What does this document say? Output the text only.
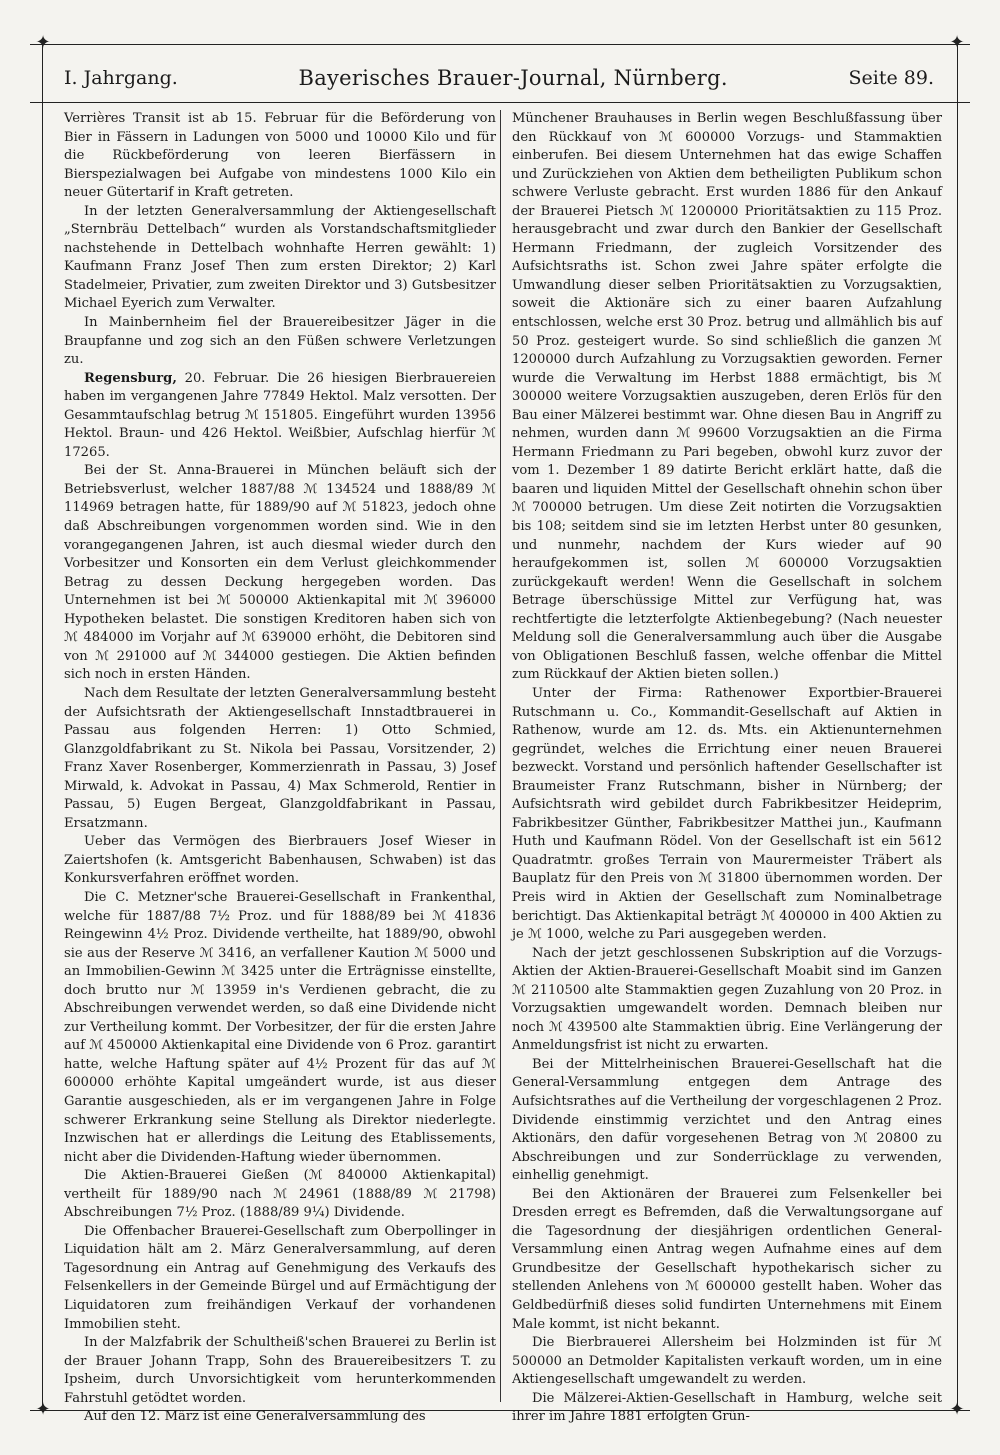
✦	✦
✦	✦
I. Jahrgang.	Bayerisches Brauer-Journal, Nürnberg.	Seite 89.

Verrières Transit ist ab 15. Februar für die Beförderung von Bier in Fässern in Ladungen von 5000 und 10000 Kilo und für die Rückbeförderung von leeren Bierfässern in Bierspezialwagen bei Aufgabe von mindestens 1000 Kilo ein neuer Gütertarif in Kraft getreten.

In der letzten Generalversammlung der Aktiengesellschaft „Sternbräu Dettelbach“ wurden als Vorstandschaftsmitglieder nachstehende in Dettelbach wohnhafte Herren gewählt: 1) Kaufmann Franz Josef Then zum ersten Direktor; 2) Karl Stadelmeier, Privatier, zum zweiten Direktor und 3) Gutsbesitzer Michael Eyerich zum Verwalter.

In Mainbernheim fiel der Brauereibesitzer Jäger in die Braupfanne und zog sich an den Füßen schwere Verletzungen zu.

Regensburg, 20. Februar. Die 26 hiesigen Bierbrauereien haben im vergangenen Jahre 77849 Hektol. Malz versotten. Der Gesammtaufschlag betrug ℳ 151805. Eingeführt wurden 13956 Hektol. Braun- und 426 Hektol. Weißbier, Aufschlag hierfür ℳ 17265.

Bei der St. Anna-Brauerei in München beläuft sich der Betriebsverlust, welcher 1887/88 ℳ 134524 und 1888/89 ℳ 114969 betragen hatte, für 1889/90 auf ℳ 51823, jedoch ohne daß Abschreibungen vorgenommen worden sind. Wie in den vorangegangenen Jahren, ist auch diesmal wieder durch den Vorbesitzer und Konsorten ein dem Verlust gleichkommender Betrag zu dessen Deckung hergegeben worden. Das Unternehmen ist bei ℳ 500000 Aktienkapital mit ℳ 396000 Hypotheken belastet. Die sonstigen Kreditoren haben sich von ℳ 484000 im Vorjahr auf ℳ 639000 erhöht, die Debitoren sind von ℳ 291000 auf ℳ 344000 gestiegen. Die Aktien befinden sich noch in ersten Händen.

Nach dem Resultate der letzten Generalversammlung besteht der Aufsichtsrath der Aktiengesellschaft Innstadtbrauerei in Passau aus folgenden Herren: 1) Otto Schmied, Glanzgoldfabrikant zu St. Nikola bei Passau, Vorsitzender, 2) Franz Xaver Rosenberger, Kommerzienrath in Passau, 3) Josef Mirwald, k. Advokat in Passau, 4) Max Schmerold, Rentier in Passau, 5) Eugen Bergeat, Glanzgoldfabrikant in Passau, Ersatzmann.

Ueber das Vermögen des Bierbrauers Josef Wieser in Zaiertshofen (k. Amtsgericht Babenhausen, Schwaben) ist das Konkursverfahren eröffnet worden.

Die C. Metzner'sche Brauerei-Gesellschaft in Frankenthal, welche für 1887/88 7½ Proz. und für 1888/89 bei ℳ 41836 Reingewinn 4½ Proz. Dividende vertheilte, hat 1889/90, obwohl sie aus der Reserve ℳ 3416, an verfallener Kaution ℳ 5000 und an Immobilien-Gewinn ℳ 3425 unter die Erträgnisse einstellte, doch brutto nur ℳ 13959 in's Verdienen gebracht, die zu Abschreibungen verwendet werden, so daß eine Dividende nicht zur Vertheilung kommt. Der Vorbesitzer, der für die ersten Jahre auf ℳ 450000 Aktienkapital eine Dividende von 6 Proz. garantirt hatte, welche Haftung später auf 4½ Prozent für das auf ℳ 600000 erhöhte Kapital umgeändert wurde, ist aus dieser Garantie ausgeschieden, als er im vergangenen Jahre in Folge schwerer Erkrankung seine Stellung als Direktor niederlegte. Inzwischen hat er allerdings die Leitung des Etablissements, nicht aber die Dividenden-Haftung wieder übernommen.

Die Aktien-Brauerei Gießen (ℳ 840000 Aktienkapital) vertheilt für 1889/90 nach ℳ 24961 (1888/89 ℳ 21798) Abschreibungen 7½ Proz. (1888/89 9¼) Dividende.

Die Offenbacher Brauerei-Gesellschaft zum Oberpollinger in Liquidation hält am 2. März Generalversammlung, auf deren Tagesordnung ein Antrag auf Genehmigung des Verkaufs des Felsenkellers in der Gemeinde Bürgel und auf Ermächtigung der Liquidatoren zum freihändigen Verkauf der vorhandenen Immobilien steht.

In der Malzfabrik der Schultheiß'schen Brauerei zu Berlin ist der Brauer Johann Trapp, Sohn des Brauereibesitzers T. zu Ipsheim, durch Unvorsichtigkeit vom herunterkommenden Fahrstuhl getödtet worden.

Auf den 12. März ist eine Generalversammlung des

Münchener Brauhauses in Berlin wegen Beschlußfassung über den Rückkauf von ℳ 600000 Vorzugs- und Stammaktien einberufen. Bei diesem Unternehmen hat das ewige Schaffen und Zurückziehen von Aktien dem betheiligten Publikum schon schwere Verluste gebracht. Erst wurden 1886 für den Ankauf der Brauerei Pietsch ℳ 1200000 Prioritätsaktien zu 115 Proz. herausgebracht und zwar durch den Bankier der Gesellschaft Hermann Friedmann, der zugleich Vorsitzender des Aufsichtsraths ist. Schon zwei Jahre später erfolgte die Umwandlung dieser selben Prioritätsaktien zu Vorzugsaktien, soweit die Aktionäre sich zu einer baaren Aufzahlung entschlossen, welche erst 30 Proz. betrug und allmählich bis auf 50 Proz. gesteigert wurde. So sind schließlich die ganzen ℳ 1200000 durch Aufzahlung zu Vorzugsaktien geworden. Ferner wurde die Verwaltung im Herbst 1888 ermächtigt, bis ℳ 300000 weitere Vorzugsaktien auszugeben, deren Erlös für den Bau einer Mälzerei bestimmt war. Ohne diesen Bau in Angriff zu nehmen, wurden dann ℳ 99600 Vorzugsaktien an die Firma Hermann Friedmann zu Pari begeben, obwohl kurz zuvor der vom 1. Dezember 1 89 datirte Bericht erklärt hatte, daß die baaren und liquiden Mittel der Gesellschaft ohnehin schon über ℳ 700000 betrugen. Um diese Zeit notirten die Vorzugsaktien bis 108; seitdem sind sie im letzten Herbst unter 80 gesunken, und nunmehr, nachdem der Kurs wieder auf 90 heraufgekommen ist, sollen ℳ 600000 Vorzugsaktien zurückgekauft werden! Wenn die Gesellschaft in solchem Betrage überschüssige Mittel zur Verfügung hat, was rechtfertigte die letzterfolgte Aktienbegebung? (Nach neuester Meldung soll die Generalversammlung auch über die Ausgabe von Obligationen Beschluß fassen, welche offenbar die Mittel zum Rückkauf der Aktien bieten sollen.)

Unter der Firma: Rathenower Exportbier-Brauerei Rutschmann u. Co., Kommandit-Gesellschaft auf Aktien in Rathenow, wurde am 12. ds. Mts. ein Aktienunternehmen gegründet, welches die Errichtung einer neuen Brauerei bezweckt. Vorstand und persönlich haftender Gesellschafter ist Braumeister Franz Rutschmann, bisher in Nürnberg; der Aufsichtsrath wird gebildet durch Fabrikbesitzer Heideprim, Fabrikbesitzer Günther, Fabrikbesitzer Matthei jun., Kaufmann Huth und Kaufmann Rödel. Von der Gesellschaft ist ein 5612 Quadratmtr. großes Terrain von Maurermeister Träbert als Bauplatz für den Preis von ℳ 31800 übernommen worden. Der Preis wird in Aktien der Gesellschaft zum Nominalbetrage berichtigt. Das Aktienkapital beträgt ℳ 400000 in 400 Aktien zu je ℳ 1000, welche zu Pari ausgegeben werden.

Nach der jetzt geschlossenen Subskription auf die Vorzugs-Aktien der Aktien-Brauerei-Gesellschaft Moabit sind im Ganzen ℳ 2110500 alte Stammaktien gegen Zuzahlung von 20 Proz. in Vorzugsaktien umgewandelt worden. Demnach bleiben nur noch ℳ 439500 alte Stammaktien übrig. Eine Verlängerung der Anmeldungsfrist ist nicht zu erwarten.

Bei der Mittelrheinischen Brauerei-Gesellschaft hat die General-Versammlung entgegen dem Antrage des Aufsichtsrathes auf die Vertheilung der vorgeschlagenen 2 Proz. Dividende einstimmig verzichtet und den Antrag eines Aktionärs, den dafür vorgesehenen Betrag von ℳ 20800 zu Abschreibungen und zur Sonderrücklage zu verwenden, einhellig genehmigt.

Bei den Aktionären der Brauerei zum Felsenkeller bei Dresden erregt es Befremden, daß die Verwaltungsorgane auf die Tagesordnung der diesjährigen ordentlichen General-Versammlung einen Antrag wegen Aufnahme eines auf dem Grundbesitze der Gesellschaft hypothekarisch sicher zu stellenden Anlehens von ℳ 600000 gestellt haben. Woher das Geldbedürfniß dieses solid fundirten Unternehmens mit Einem Male kommt, ist nicht bekannt.

Die Bierbrauerei Allersheim bei Holzminden ist für ℳ 500000 an Detmolder Kapitalisten verkauft worden, um in eine Aktiengesellschaft umgewandelt zu werden.

Die Mälzerei-Aktien-Gesellschaft in Hamburg, welche seit ihrer im Jahre 1881 erfolgten Grün-
